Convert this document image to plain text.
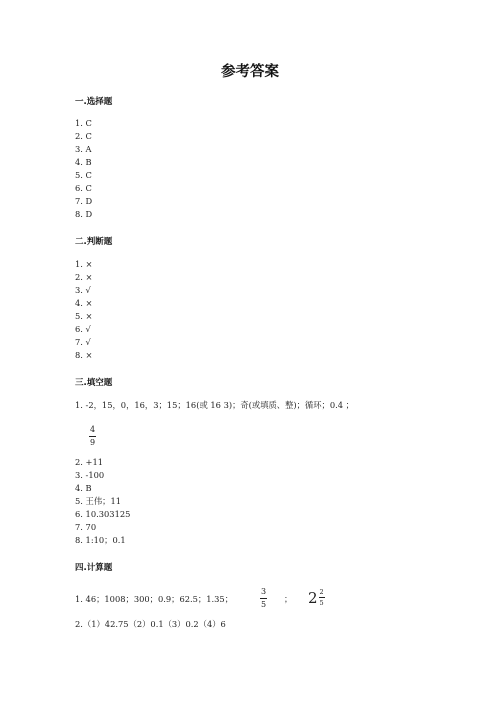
参考答案
一.选择题
1. C
2. C
3. A
4. B
5. C
6. C
7. D
8. D
二.判断题
1. ×
2. ×
3. √
4. ×
5. ×
6. √
7. √
8. ×
三.填空题
1. -2，15，0，16，3；15；16(或 16 3)；奇(或填质、整)；循环；0.4 ；
4
9
2. +11
3. -100
4. B
5. 王伟；11
6. 10.303125
7. 70
8. 1:10；0.1
四.计算题
1. 46；1008；300；0.9；62.5；1.35；
3
5
； $2 \frac{2}{5}$
2.（1）42.75（2）0.1（3）0.2（4）6
